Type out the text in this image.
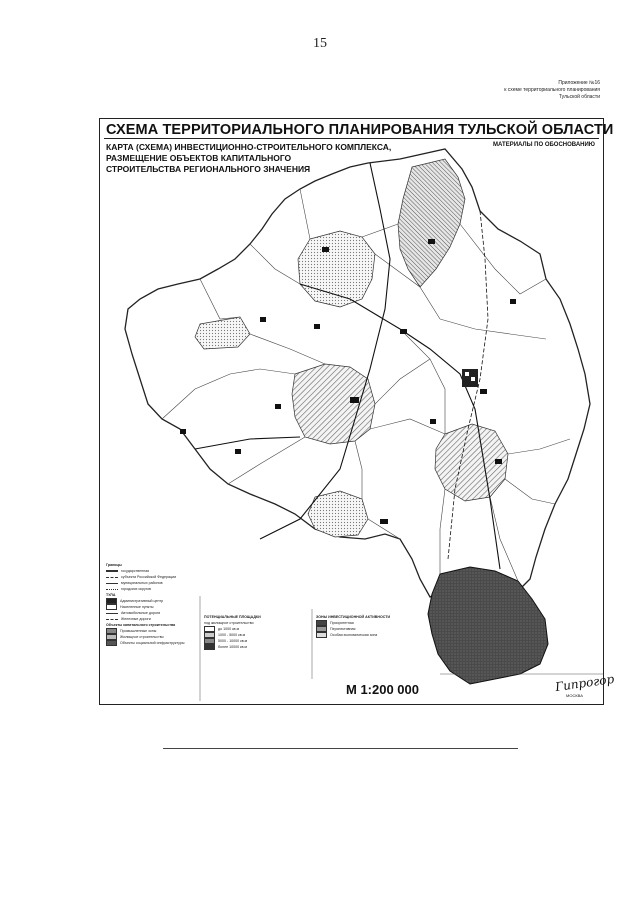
15
Приложение №16
к схеме территориального планирования
Тульской области
СХЕМА ТЕРРИТОРИАЛЬНОГО ПЛАНИРОВАНИЯ ТУЛЬСКОЙ ОБЛАСТИ
КАРТА (СХЕМА) ИНВЕСТИЦИОННО-СТРОИТЕЛЬНОГО КОМПЛЕКСА,
РАЗМЕЩЕНИЕ ОБЪЕКТОВ КАПИТАЛЬНОГО
СТРОИТЕЛЬСТВА РЕГИОНАЛЬНОГО ЗНАЧЕНИЯ
МАТЕРИАЛЫ ПО ОБОСНОВАНИЮ
Границы
государственная
субъекта Российской Федерации
муниципальных районов
городских округов
ТУЛА
Административный центр
Населенные пункты
Автомобильные дороги
Железные дороги
Объекты капитального строительства
Промышленные зоны
Жилищное строительство
Объекты социальной инфраструктуры
ПОТЕНЦИАЛЬНЫЕ ПЛОЩАДКИ
под жилищное строительство
до 1000 кв.м
1000 - 5000 кв.м
5000 - 10000 кв.м
более 10000 кв.м
ЗОНЫ ИНВЕСТИЦИОННОЙ АКТИВНОСТИ
Приоритетная
Перспективная
Особая экономическая зона
М 1:200 000	Гипрогор
МОСКВА
